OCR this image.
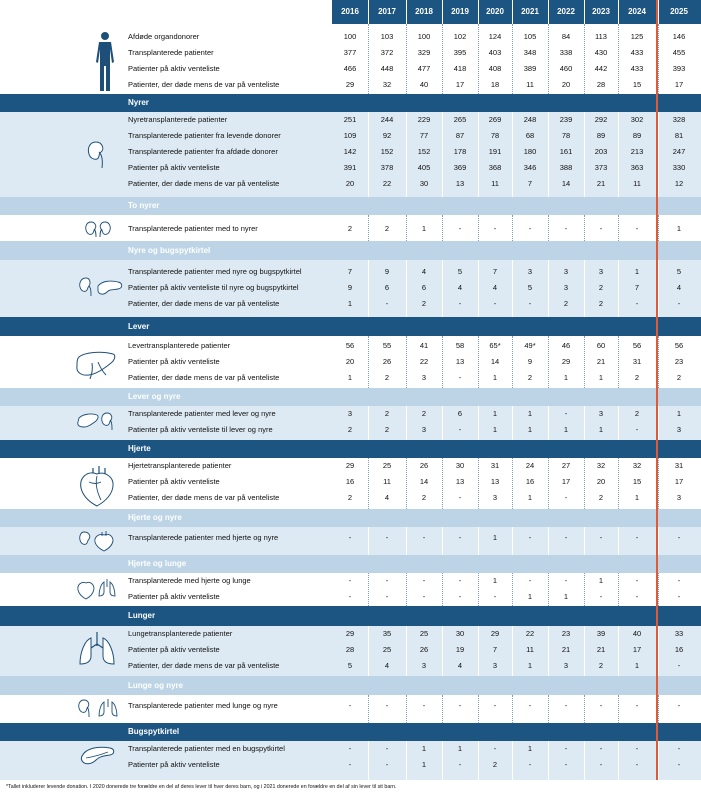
2016	2017	2018	2019	2020	2021	2022	2023	2024	2025
Afdøde organdonorer	100	103	100	102	124	105	84	113	125	146
Transplanterede patienter	377	372	329	395	403	348	338	430	433	455
Patienter på aktiv venteliste	466	448	477	418	408	389	460	442	433	393
Patienter, der døde mens de var på venteliste	29	32	40	17	18	11	20	28	15	17
Nyrer
Nyretransplanterede patienter	251	244	229	265	269	248	239	292	302	328
Transplanterede patienter fra levende donorer	109	92	77	87	78	68	78	89	89	81
Transplanterede patienter fra afdøde donorer	142	152	152	178	191	180	161	203	213	247
Patienter på aktiv venteliste	391	378	405	369	368	346	388	373	363	330
Patienter, der døde mens de var på venteliste	20	22	30	13	11	7	14	21	11	12
To nyrer
Transplanterede patienter med to nyrer	2	2	1	-	-	-	-	-	-	1
Nyre og bugspytkirtel
Transplanterede patienter med nyre og bugspytkirtel	7	9	4	5	7	3	3	3	1	5
Patienter på aktiv venteliste til nyre og bugspytkirtel	9	6	6	4	4	5	3	2	7	4
Patienter, der døde mens de var på venteliste	1	-	2	-	-	-	2	2	-	-
Lever
Levertransplanterede patienter	56	55	41	58	65*	49*	46	60	56	56
Patienter på aktiv venteliste	20	26	22	13	14	9	29	21	31	23
Patienter, der døde mens de var på venteliste	1	2	3	-	1	2	1	1	2	2
Lever og nyre
Transplanterede patienter med lever og nyre	3	2	2	6	1	1	-	3	2	1
Patienter på aktiv venteliste til lever og nyre	2	2	3	-	1	1	1	1	-	3
Hjerte
Hjertetransplanterede patienter	29	25	26	30	31	24	27	32	32	31
Patienter på aktiv venteliste	16	11	14	13	13	16	17	20	15	17
Patienter, der døde mens de var på venteliste	2	4	2	-	3	1	-	2	1	3
Hjerte og nyre
Transplanterede patienter med hjerte og nyre	-	-	-	-	1	-	-	-	-	-
Hjerte og lunge
Transplanterede med hjerte og lunge	-	-	-	-	1	-	-	1	-	-
Patienter på aktiv venteliste	-	-	-	-	-	1	1	-	-	-
Lunger
Lungetransplanterede patienter	29	35	25	30	29	22	23	39	40	33
Patienter på aktiv venteliste	28	25	26	19	7	11	21	21	17	16
Patienter, der døde mens de var på venteliste	5	4	3	4	3	1	3	2	1	-
Lunge og nyre
Transplanterede patienter med lunge og nyre	-	-	-	-	-	-	-	-	-	-
Bugspytkirtel
Transplanterede patienter med en bugspytkirtel	-	-	1	1	-	1	-	-	-	-
Patienter på aktiv venteliste	-	-	1	-	2	-	-	-	-	-
*Tallet inkluderer levende donation. I 2020 donerede tre forældre en del af deres lever til hver deres barn, og i 2021 donerede en forældre en del af sin lever til sit barn.
